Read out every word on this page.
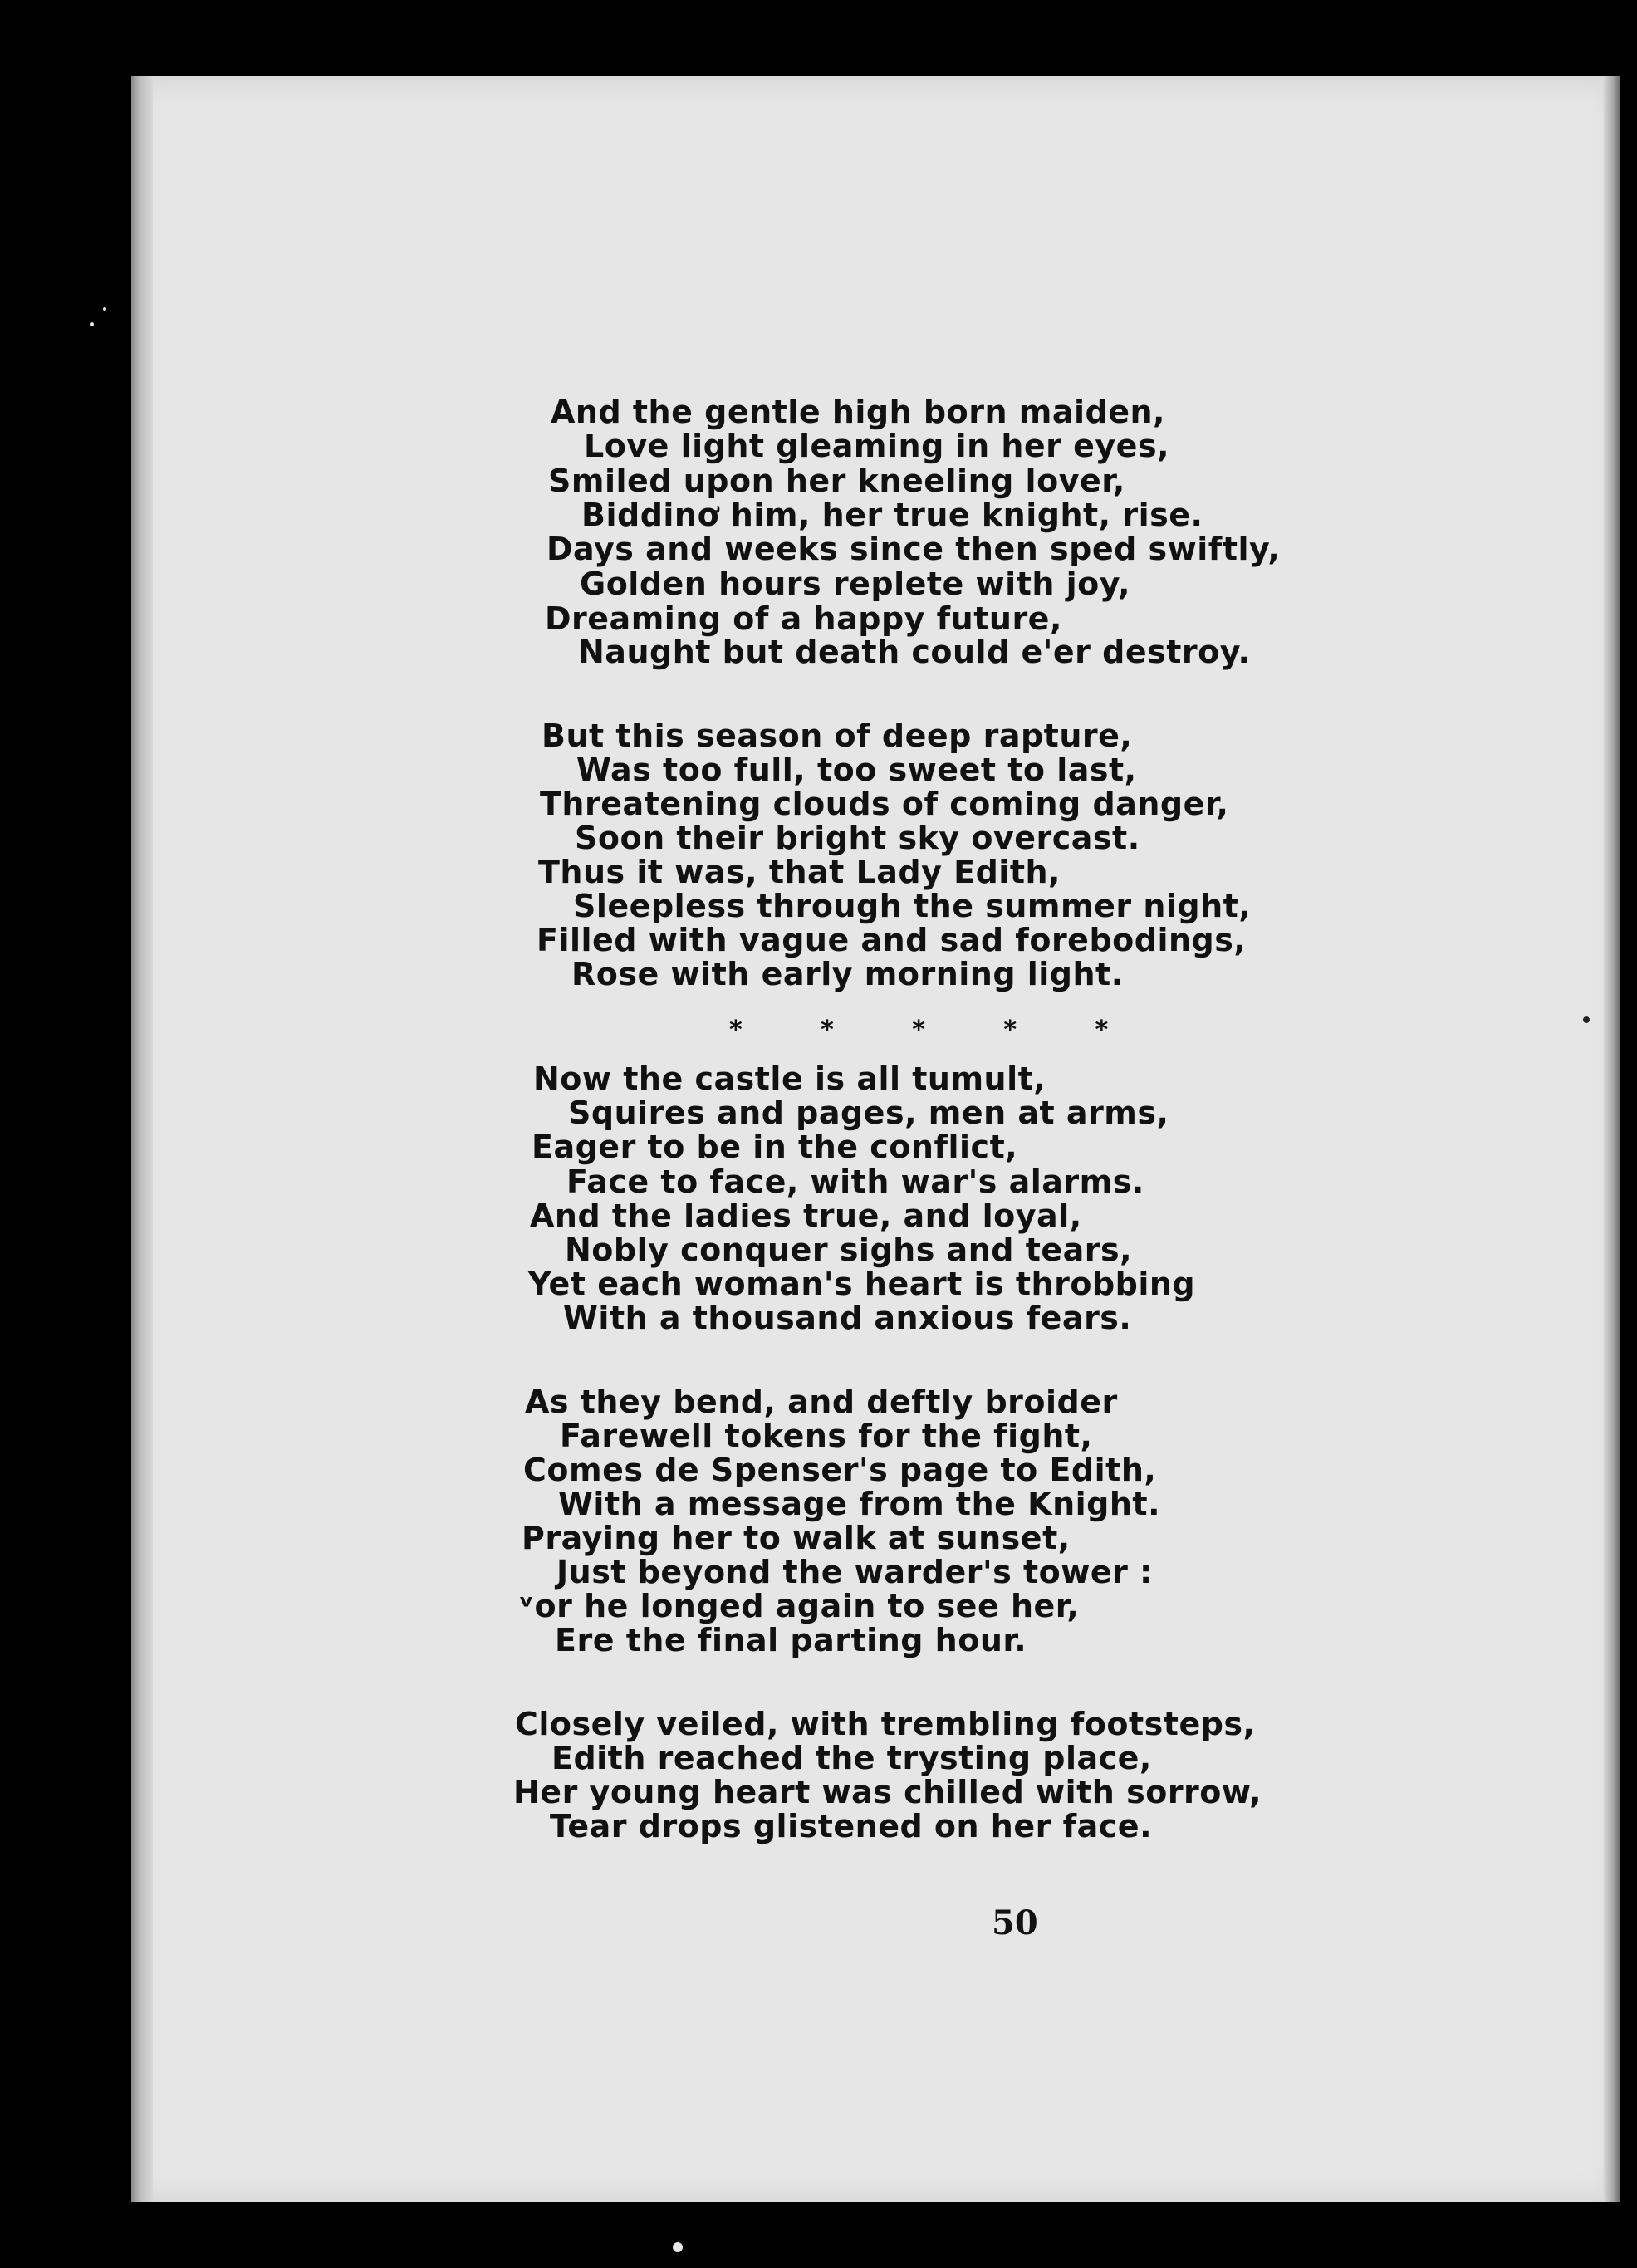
And the gentle high born maiden,
Love light gleaming in her eyes,
Smiled upon her kneeling lover,
Biddinơ him, her true knight, rise.
Days and weeks since then sped swiftly,
Golden hours replete with joy,
Dreaming of a happy future,
Naught but death could e'er destroy.
But this season of deep rapture,
Was too full, too sweet to last,
Threatening clouds of coming danger,
Soon their bright sky overcast.
Thus it was, that Lady Edith,
Sleepless through the summer night,
Filled with vague and sad forebodings,
Rose with early morning light.
* * * * *
Now the castle is all tumult,
Squires and pages, men at arms,
Eager to be in the conflict,
Face to face, with war's alarms.
And the ladies true, and loyal,
Nobly conquer sighs and tears,
Yet each woman's heart is throbbing
With a thousand anxious fears.
As they bend, and deftly broider
Farewell tokens for the fight,
Comes de Spenser's page to Edith,
With a message from the Knight.
Praying her to walk at sunset,
Just beyond the warder's tower :
ᵛor he longed again to see her,
Ere the final parting hour.
Closely veiled, with trembling footsteps,
Edith reached the trysting place,
Her young heart was chilled with sorrow,
Tear drops glistened on her face.
50
